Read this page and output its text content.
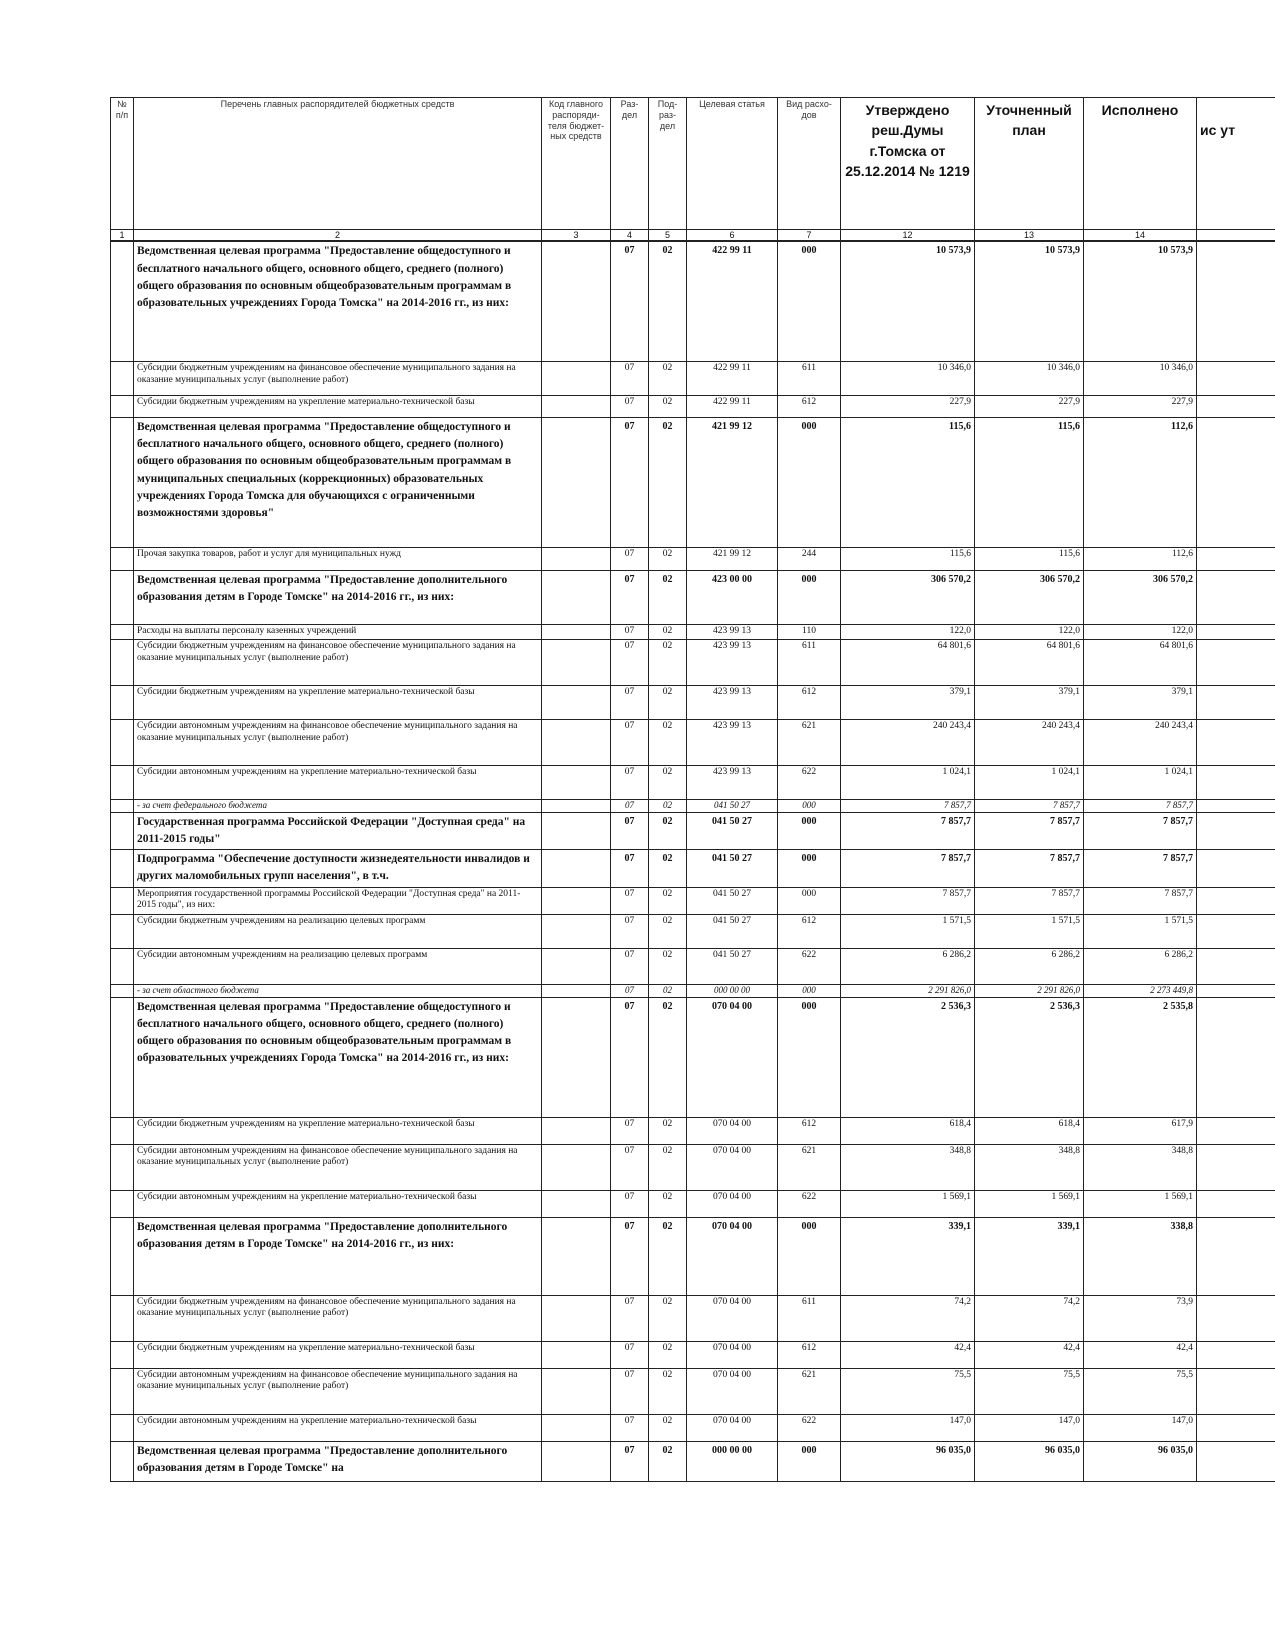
№ п/п	Перечень главных распорядителей бюджетных средств	Код главного распоряди-теля бюджет-ных средств	Раз-дел	Под-раз-дел	Целевая статья	Вид расхо-дов	Утверждено реш.Думы г.Томска от 25.12.2014 № 1219	Уточненный план	Исполнено	ис ут
1	2	3	4	5	6	7	12	13	14	
	Ведомственная целевая программа "Предоставление общедоступного и бесплатного начального общего, основного общего, среднего (полного) общего образования по основным общеобразовательным программам в образовательных учреждениях Города Томска" на 2014-2016 гг., из них:		07	02	422 99 11	000	10 573,9	10 573,9	10 573,9	
	Субсидии бюджетным учреждениям на финансовое обеспечение муниципального задания на оказание муниципальных услуг (выполнение работ)		07	02	422 99 11	611	10 346,0	10 346,0	10 346,0	
	Субсидии бюджетным учреждениям на укрепление материально-технической базы		07	02	422 99 11	612	227,9	227,9	227,9	
	Ведомственная целевая программа "Предоставление общедоступного и бесплатного начального общего, основного общего, среднего (полного) общего образования по основным общеобразовательным программам в муниципальных специальных (коррекционных) образовательных учреждениях Города Томска для обучающихся с ограниченными возможностями здоровья"		07	02	421 99 12	000	115,6	115,6	112,6	
	Прочая закупка товаров, работ и услуг для муниципальных нужд		07	02	421 99 12	244	115,6	115,6	112,6	
	Ведомственная целевая программа "Предоставление дополнительного образования детям в Городе Томске" на 2014-2016 гг., из них:		07	02	423 00 00	000	306 570,2	306 570,2	306 570,2	
	Расходы на выплаты персоналу казенных учреждений		07	02	423 99 13	110	122,0	122,0	122,0	
	Субсидии бюджетным учреждениям на финансовое обеспечение муниципального задания на оказание муниципальных услуг (выполнение работ)		07	02	423 99 13	611	64 801,6	64 801,6	64 801,6	
	Субсидии бюджетным учреждениям на укрепление материально-технической базы		07	02	423 99 13	612	379,1	379,1	379,1	
	Субсидии автономным учреждениям на финансовое обеспечение муниципального задания на оказание муниципальных услуг (выполнение работ)		07	02	423 99 13	621	240 243,4	240 243,4	240 243,4	
	Субсидии автономным учреждениям на укрепление материально-технической базы		07	02	423 99 13	622	1 024,1	1 024,1	1 024,1	
	- за счет федерального бюджета		07	02	041 50 27	000	7 857,7	7 857,7	7 857,7	
	Государственная программа Российской Федерации "Доступная среда" на 2011-2015 годы"		07	02	041 50 27	000	7 857,7	7 857,7	7 857,7	
	Подпрограмма "Обеспечение доступности жизнедеятельности инвалидов и других маломобильных групп населения", в т.ч.		07	02	041 50 27	000	7 857,7	7 857,7	7 857,7	
	Мероприятия государственной программы Российской Федерации "Доступная среда" на 2011-2015 годы", из них:		07	02	041 50 27	000	7 857,7	7 857,7	7 857,7	
	Субсидии бюджетным учреждениям на реализацию целевых программ		07	02	041 50 27	612	1 571,5	1 571,5	1 571,5	
	Субсидии автономным учреждениям на реализацию целевых программ		07	02	041 50 27	622	6 286,2	6 286,2	6 286,2	
	- за счет областного бюджета		07	02	000 00 00	000	2 291 826,0	2 291 826,0	2 273 449,8	
	Ведомственная целевая программа "Предоставление общедоступного и бесплатного начального общего, основного общего, среднего (полного) общего образования по основным общеобразовательным программам в образовательных учреждениях Города Томска" на 2014-2016 гг., из них:		07	02	070 04 00	000	2 536,3	2 536,3	2 535,8	
	Субсидии бюджетным учреждениям на укрепление материально-технической базы		07	02	070 04 00	612	618,4	618,4	617,9	
	Субсидии автономным учреждениям на финансовое обеспечение муниципального задания на оказание муниципальных услуг (выполнение работ)		07	02	070 04 00	621	348,8	348,8	348,8	
	Субсидии автономным учреждениям на укрепление материально-технической базы		07	02	070 04 00	622	1 569,1	1 569,1	1 569,1	
	Ведомственная целевая программа "Предоставление дополнительного образования детям в Городе Томске" на 2014-2016 гг., из них:		07	02	070 04 00	000	339,1	339,1	338,8	
	Субсидии бюджетным учреждениям на финансовое обеспечение муниципального задания на оказание муниципальных услуг (выполнение работ)		07	02	070 04 00	611	74,2	74,2	73,9	
	Субсидии бюджетным учреждениям на укрепление материально-технической базы		07	02	070 04 00	612	42,4	42,4	42,4	
	Субсидии автономным учреждениям на финансовое обеспечение муниципального задания на оказание муниципальных услуг (выполнение работ)		07	02	070 04 00	621	75,5	75,5	75,5	
	Субсидии автономным учреждениям на укрепление материально-технической базы		07	02	070 04 00	622	147,0	147,0	147,0	
	Ведомственная целевая программа "Предоставление дополнительного образования детям в Городе Томске" на		07	02	000 00 00	000	96 035,0	96 035,0	96 035,0	
